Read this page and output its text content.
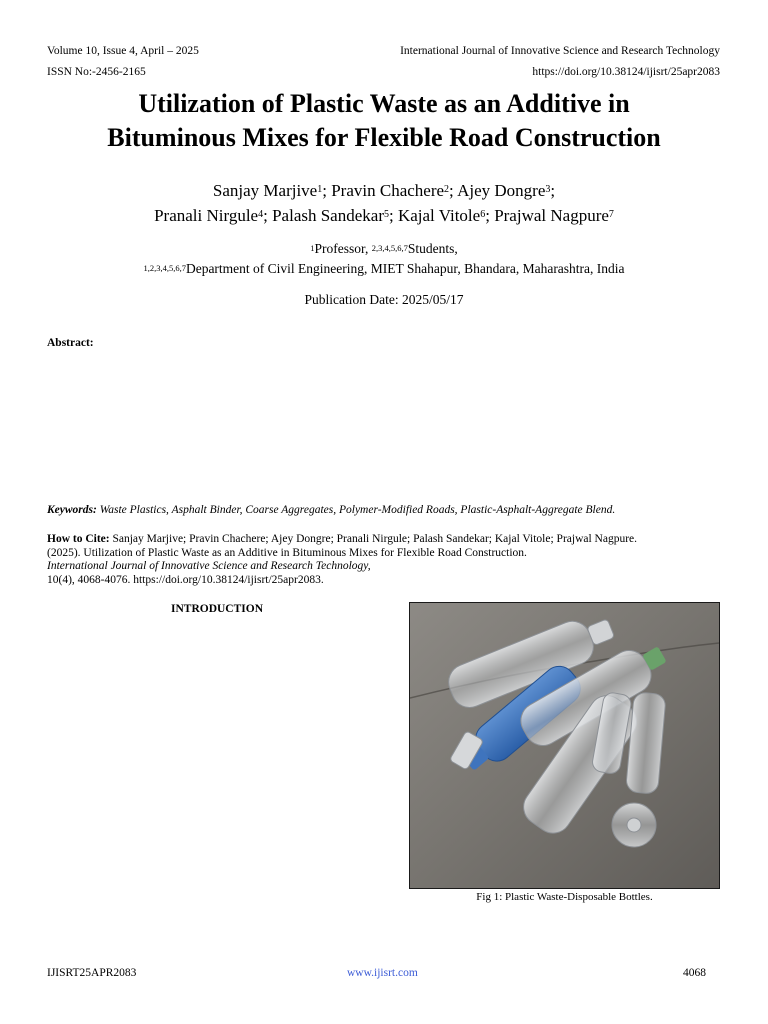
Volume 10, Issue 4, April – 2025	International Journal of Innovative Science and Research Technology
ISSN No:-2456-2165	https://doi.org/10.38124/ijisrt/25apr2083
Utilization of Plastic Waste as an Additive in
Bituminous Mixes for Flexible Road Construction
Sanjay Marjive$^1$; Pravin Chachere$^2$; Ajey Dongre$^3$;
Pranali Nirgule$^4$; Palash Sandekar$^5$; Kajal Vitole$^6$; Prajwal Nagpure$^7$
$^1$Professor, $^{2,3,4,5,6,7}$Students,
$^{1,2,3,4,5,6,7}$Department of Civil Engineering, MIET Shahapur, Bhandara, Maharashtra, India
Publication Date: 2025/05/17
Abstract:
Keywords: Waste Plastics, Asphalt Binder, Coarse Aggregates, Polymer-Modified Roads, Plastic-Asphalt-Aggregate Blend.
How to Cite: Sanjay Marjive; Pravin Chachere; Ajey Dongre; Pranali Nirgule; Palash Sandekar; Kajal Vitole; Prajwal Nagpure.
(2025). Utilization of Plastic Waste as an Additive in Bituminous Mixes for Flexible Road Construction.
International Journal of Innovative Science and Research Technology,
10(4), 4068-4076. https://doi.org/10.38124/ijisrt/25apr2083.
INTRODUCTION
Fig 1: Plastic Waste-Disposable Bottles.
IJISRT25APR2083	www.ijisrt.com	4068
